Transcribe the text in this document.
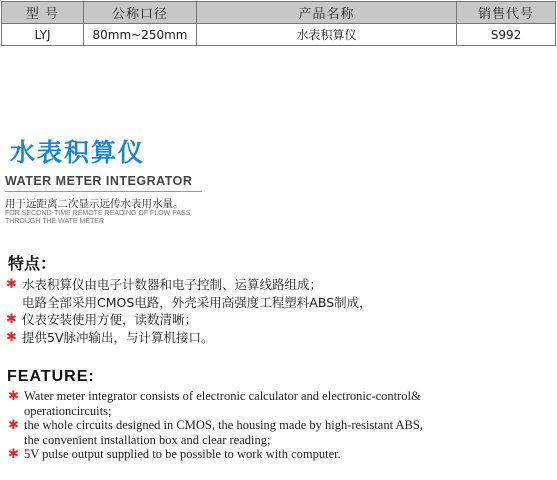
型 号	公称口径	产品名称	销售代号
LYJ	80mm~250mm	水表积算仪	S992
水表积算仪
WATER METER INTEGRATOR
用于远距离二次显示远传水表用水量。
FOR SECOND-TIME REMOTE READING OF FLOW PASS THROUGH THE WATE METER
特点：
✱ 水表积算仪由电子计数器和电子控制、运算线路组成；
电路全部采用CMOS电路，外壳采用高强度工程塑料ABS制成，
✱ 仪表安装使用方便，读数清晰；
✱ 提供5V脉冲输出，与计算机接口。
FEATURE:
✱ Water meter integrator consists of electronic calculator and electronic-control&
operationcircuits;
✱ the whole circuits designed in CMOS, the housing made by high-resistant ABS,
the convenient installation box and clear reading;
✱ 5V pulse output supplied to be possible to work with computer.
